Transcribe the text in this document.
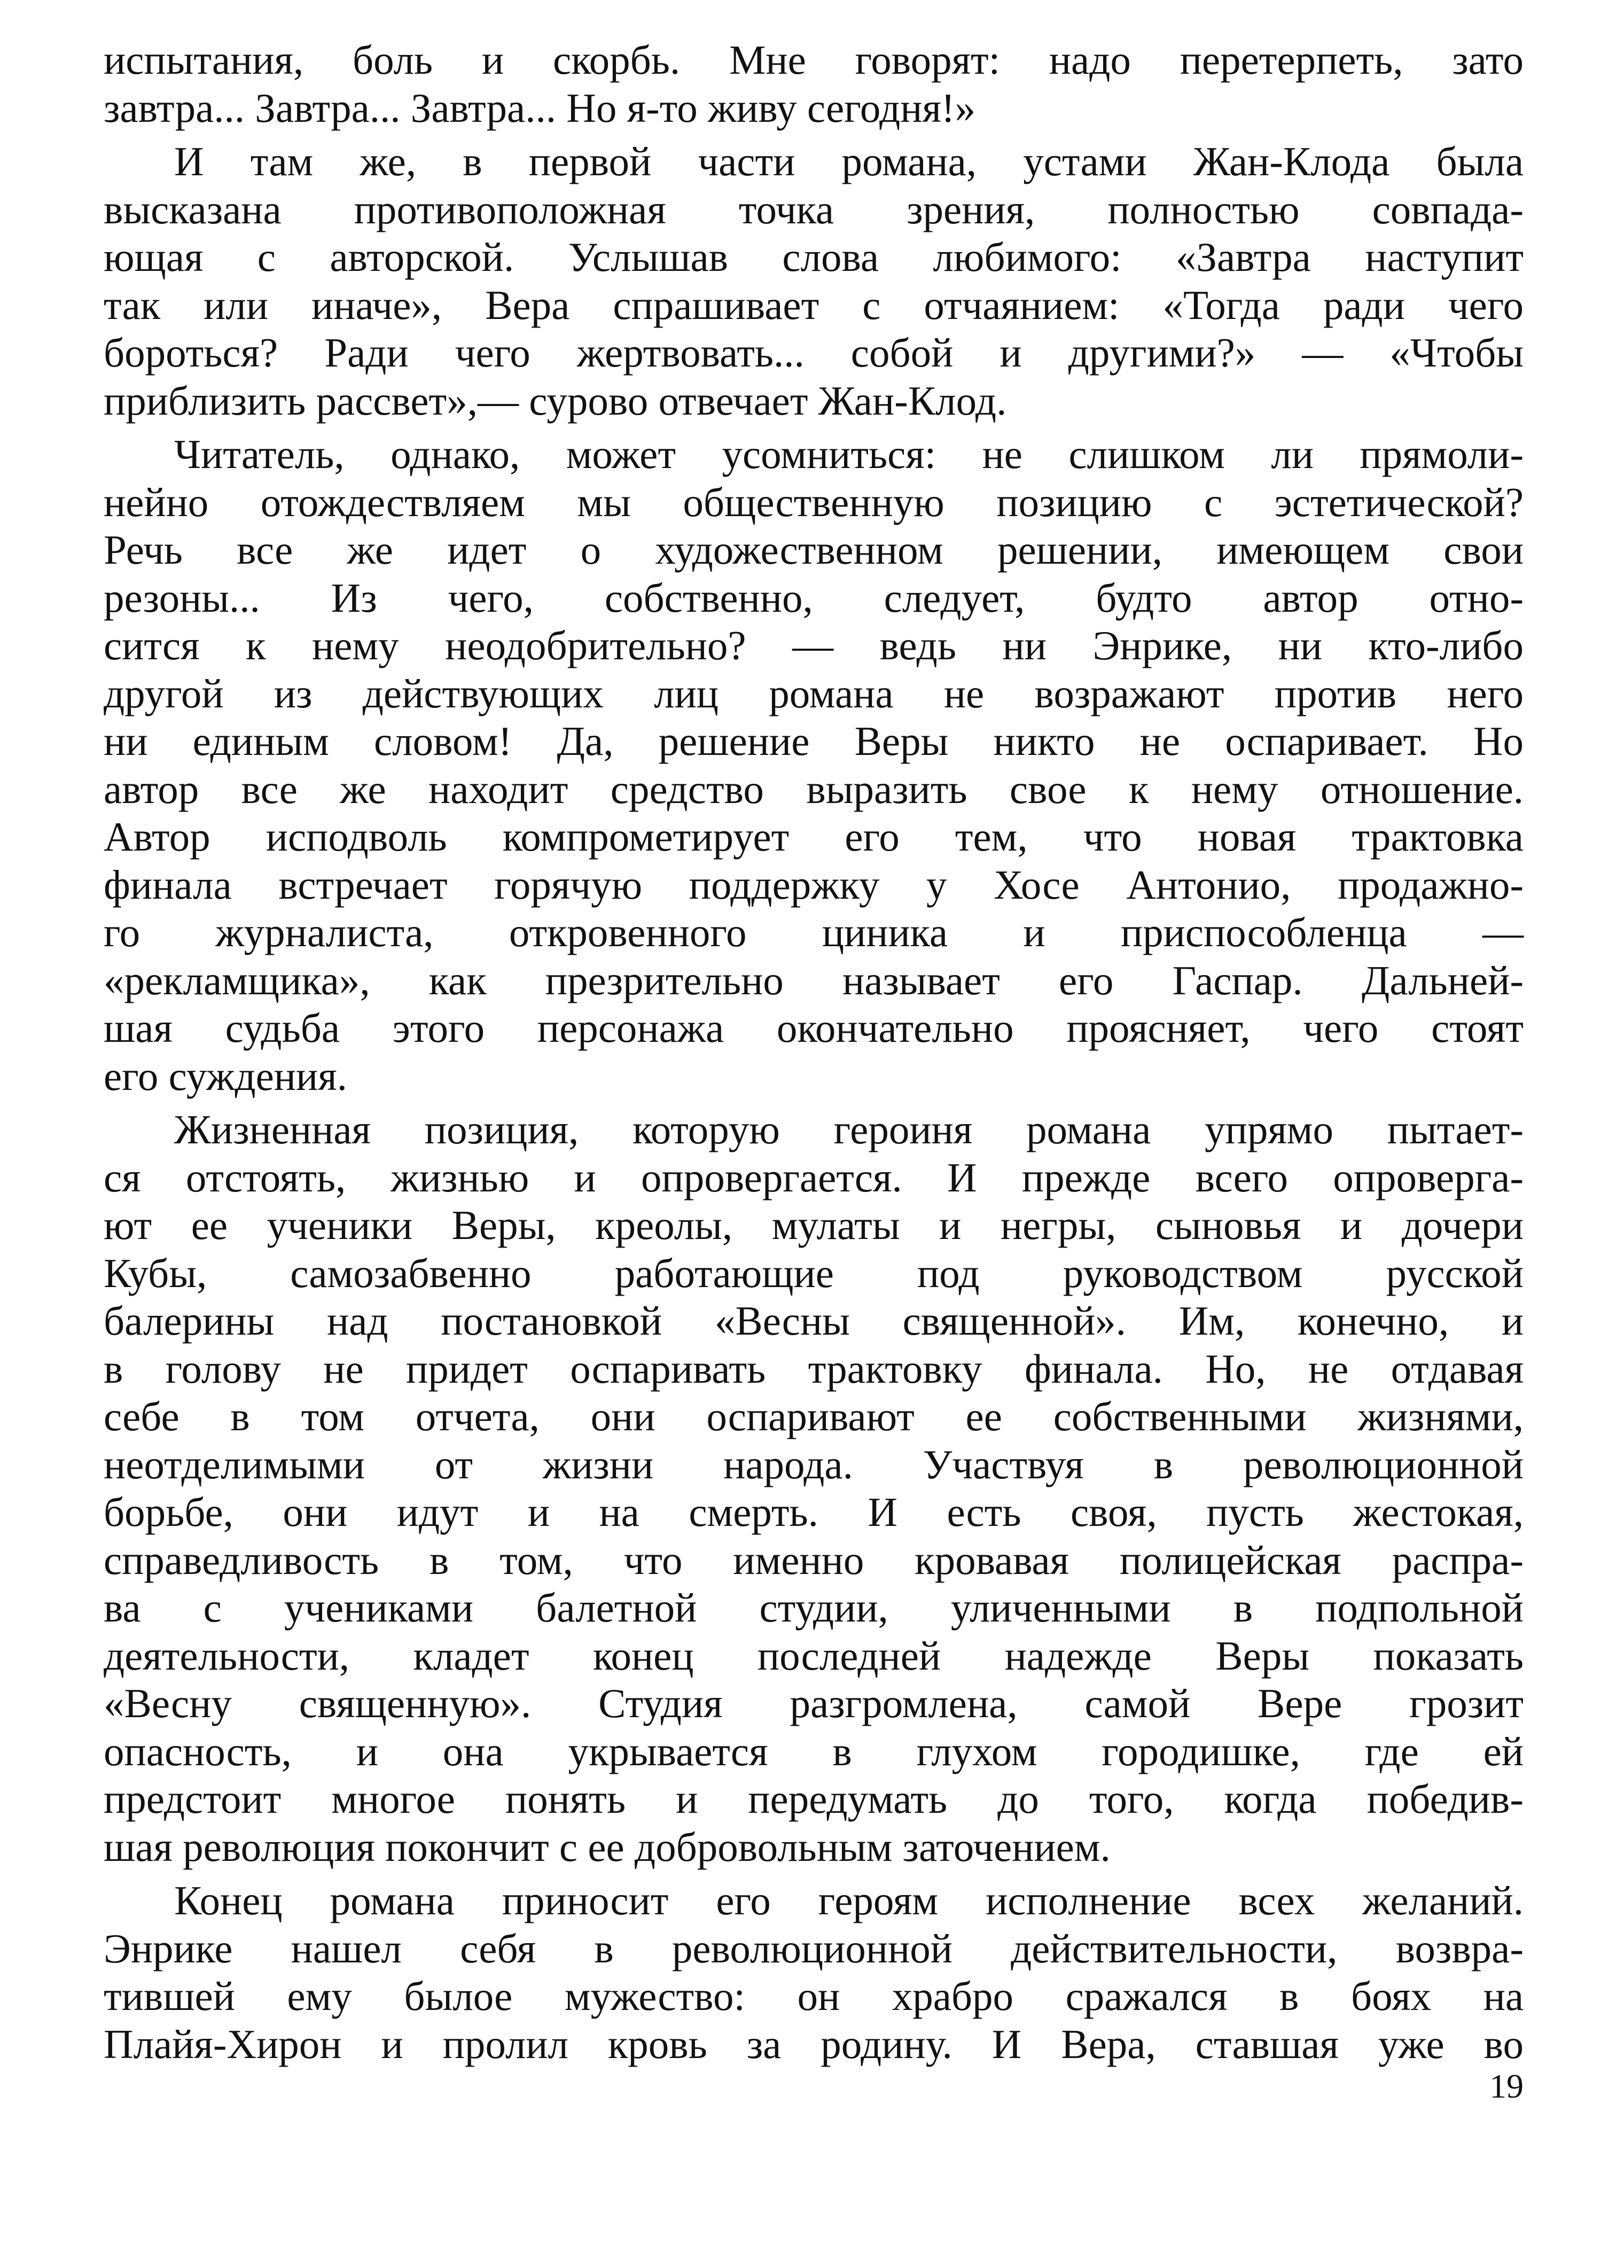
испытания, боль и скорбь. Мне говорят: надо перетерпеть, зато
завтра... Завтра... Завтра... Но я-то живу сегодня!»

И там же, в первой части романа, устами Жан-Клода была
высказана противоположная точка зрения, полностью совпада-
ющая с авторской. Услышав слова любимого: «Завтра наступит
так или иначе», Вера спрашивает с отчаянием: «Тогда ради чего
бороться? Ради чего жертвовать... собой и другими?» — «Чтобы
приблизить рассвет»,— сурово отвечает Жан-Клод.

Читатель, однако, может усомниться: не слишком ли прямоли-
нейно отождествляем мы общественную позицию с эстетической?
Речь все же идет о художественном решении, имеющем свои
резоны... Из чего, собственно, следует, будто автор отно-
сится к нему неодобрительно? — ведь ни Энрике, ни кто-либо
другой из действующих лиц романа не возражают против него
ни единым словом! Да, решение Веры никто не оспаривает. Но
автор все же находит средство выразить свое к нему отношение.
Автор исподволь компрометирует его тем, что новая трактовка
финала встречает горячую поддержку у Хосе Антонио, продажно-
го журналиста, откровенного циника и приспособленца —
«рекламщика», как презрительно называет его Гаспар. Дальней-
шая судьба этого персонажа окончательно проясняет, чего стоят
его суждения.

Жизненная позиция, которую героиня романа упрямо пытает-
ся отстоять, жизнью и опровергается. И прежде всего опроверга-
ют ее ученики Веры, креолы, мулаты и негры, сыновья и дочери
Кубы, самозабвенно работающие под руководством русской
балерины над постановкой «Весны священной». Им, конечно, и
в голову не придет оспаривать трактовку финала. Но, не отдавая
себе в том отчета, они оспаривают ее собственными жизнями,
неотделимыми от жизни народа. Участвуя в революционной
борьбе, они идут и на смерть. И есть своя, пусть жестокая,
справедливость в том, что именно кровавая полицейская распра-
ва с учениками балетной студии, уличенными в подпольной
деятельности, кладет конец последней надежде Веры показать
«Весну священную». Студия разгромлена, самой Вере грозит
опасность, и она укрывается в глухом городишке, где ей
предстоит многое понять и передумать до того, когда победив-
шая революция покончит с ее добровольным заточением.

Конец романа приносит его героям исполнение всех желаний.
Энрике нашел себя в революционной действительности, возвра-
тившей ему былое мужество: он храбро сражался в боях на
Плайя-Хирон и пролил кровь за родину. И Вера, ставшая уже во

19
